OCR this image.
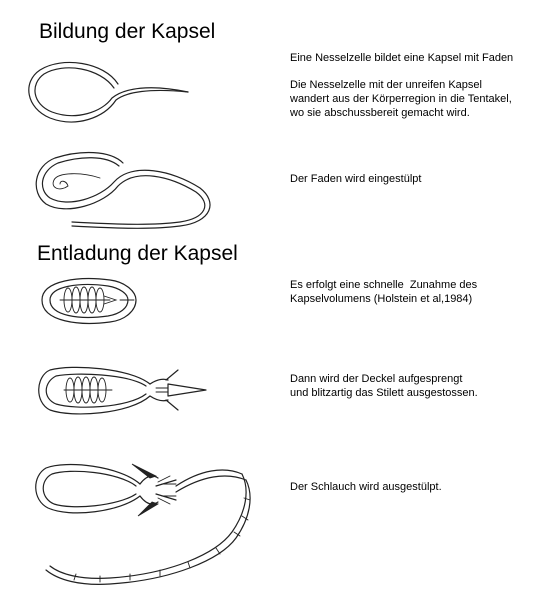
Bildung der Kapsel
Entladung der Kapsel

Eine Nesselzelle bildet eine Kapsel mit Faden

Die Nesselzelle mit der unreifen Kapsel
wandert aus der Körperregion in die Tentakel,
wo sie abschussbereit gemacht wird.

Der Faden wird eingestülpt

Es erfolgt eine schnelle  Zunahme des
Kapselvolumens (Holstein et al,1984)

Dann wird der Deckel aufgesprengt
und blitzartig das Stilett ausgestossen.

Der Schlauch wird ausgestülpt.
